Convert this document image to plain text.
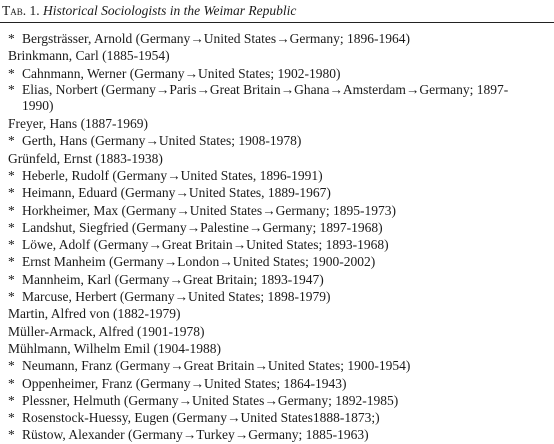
Tab. 1. Historical Sociologists in the Weimar Republic
* Bergsträsser, Arnold (Germany→United States→Germany; 1896-1964)
Brinkmann, Carl (1885-1954)
* Cahnmann, Werner (Germany→United States; 1902-1980)
* Elias, Norbert (Germany→Paris→Great Britain→Ghana→Amsterdam→Germany; 1897-1990)
Freyer, Hans (1887-1969)
* Gerth, Hans (Germany→United States; 1908-1978)
Grünfeld, Ernst (1883-1938)
* Heberle, Rudolf (Germany→United States, 1896-1991)
* Heimann, Eduard (Germany→United States, 1889-1967)
* Horkheimer, Max (Germany→United States→Germany; 1895-1973)
* Landshut, Siegfried (Germany→Palestine→Germany; 1897-1968)
* Löwe, Adolf (Germany→Great Britain→United States; 1893-1968)
* Ernst Manheim (Germany→London→United States; 1900-2002)
* Mannheim, Karl (Germany→Great Britain; 1893-1947)
* Marcuse, Herbert (Germany→United States; 1898-1979)
Martin, Alfred von (1882-1979)
Müller-Armack, Alfred (1901-1978)
Mühlmann, Wilhelm Emil (1904-1988)
* Neumann, Franz (Germany→Great Britain→United States; 1900-1954)
* Oppenheimer, Franz (Germany→United States; 1864-1943)
* Plessner, Helmuth (Germany→United States→Germany; 1892-1985)
* Rosenstock-Huessy, Eugen (Germany→United States1888-1873;)
* Rüstow, Alexander (Germany→Turkey→Germany; 1885-1963)
